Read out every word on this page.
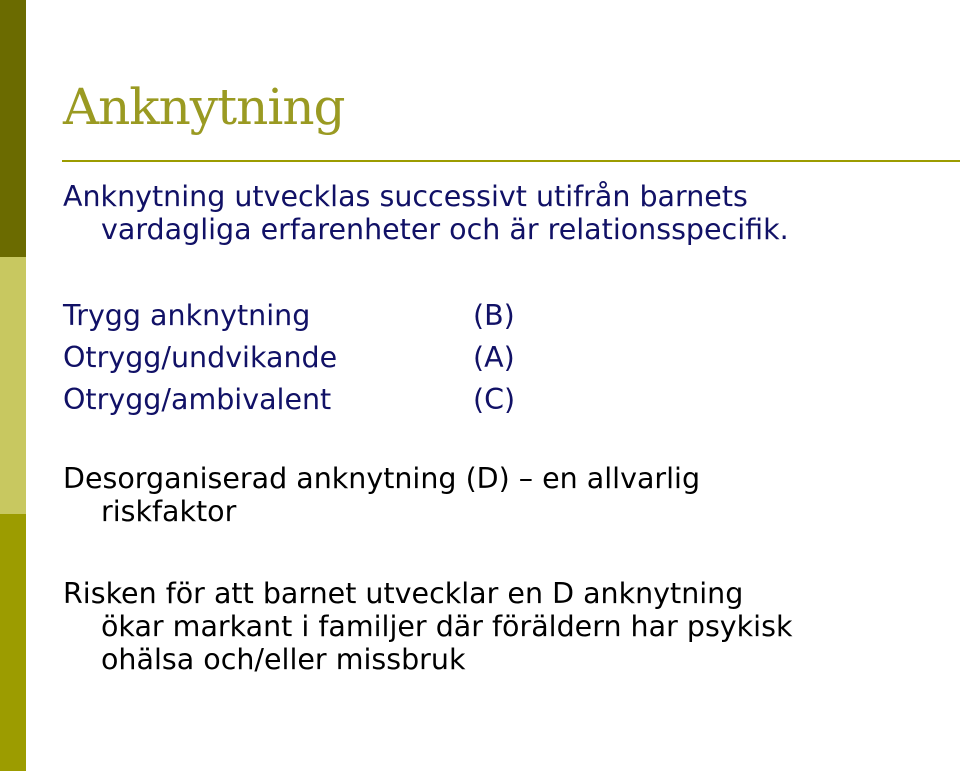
Anknytning

Anknytning utvecklas successivt utifrån barnets
vardagliga erfarenheter och är relationsspecifik.

Trygg anknytning	(B)
Otrygg/undvikande	(A)
Otrygg/ambivalent	(C)

Desorganiserad anknytning (D) – en allvarlig
riskfaktor

Risken för att barnet utvecklar en D anknytning
ökar markant i familjer där föräldern har psykisk
ohälsa och/eller missbruk
